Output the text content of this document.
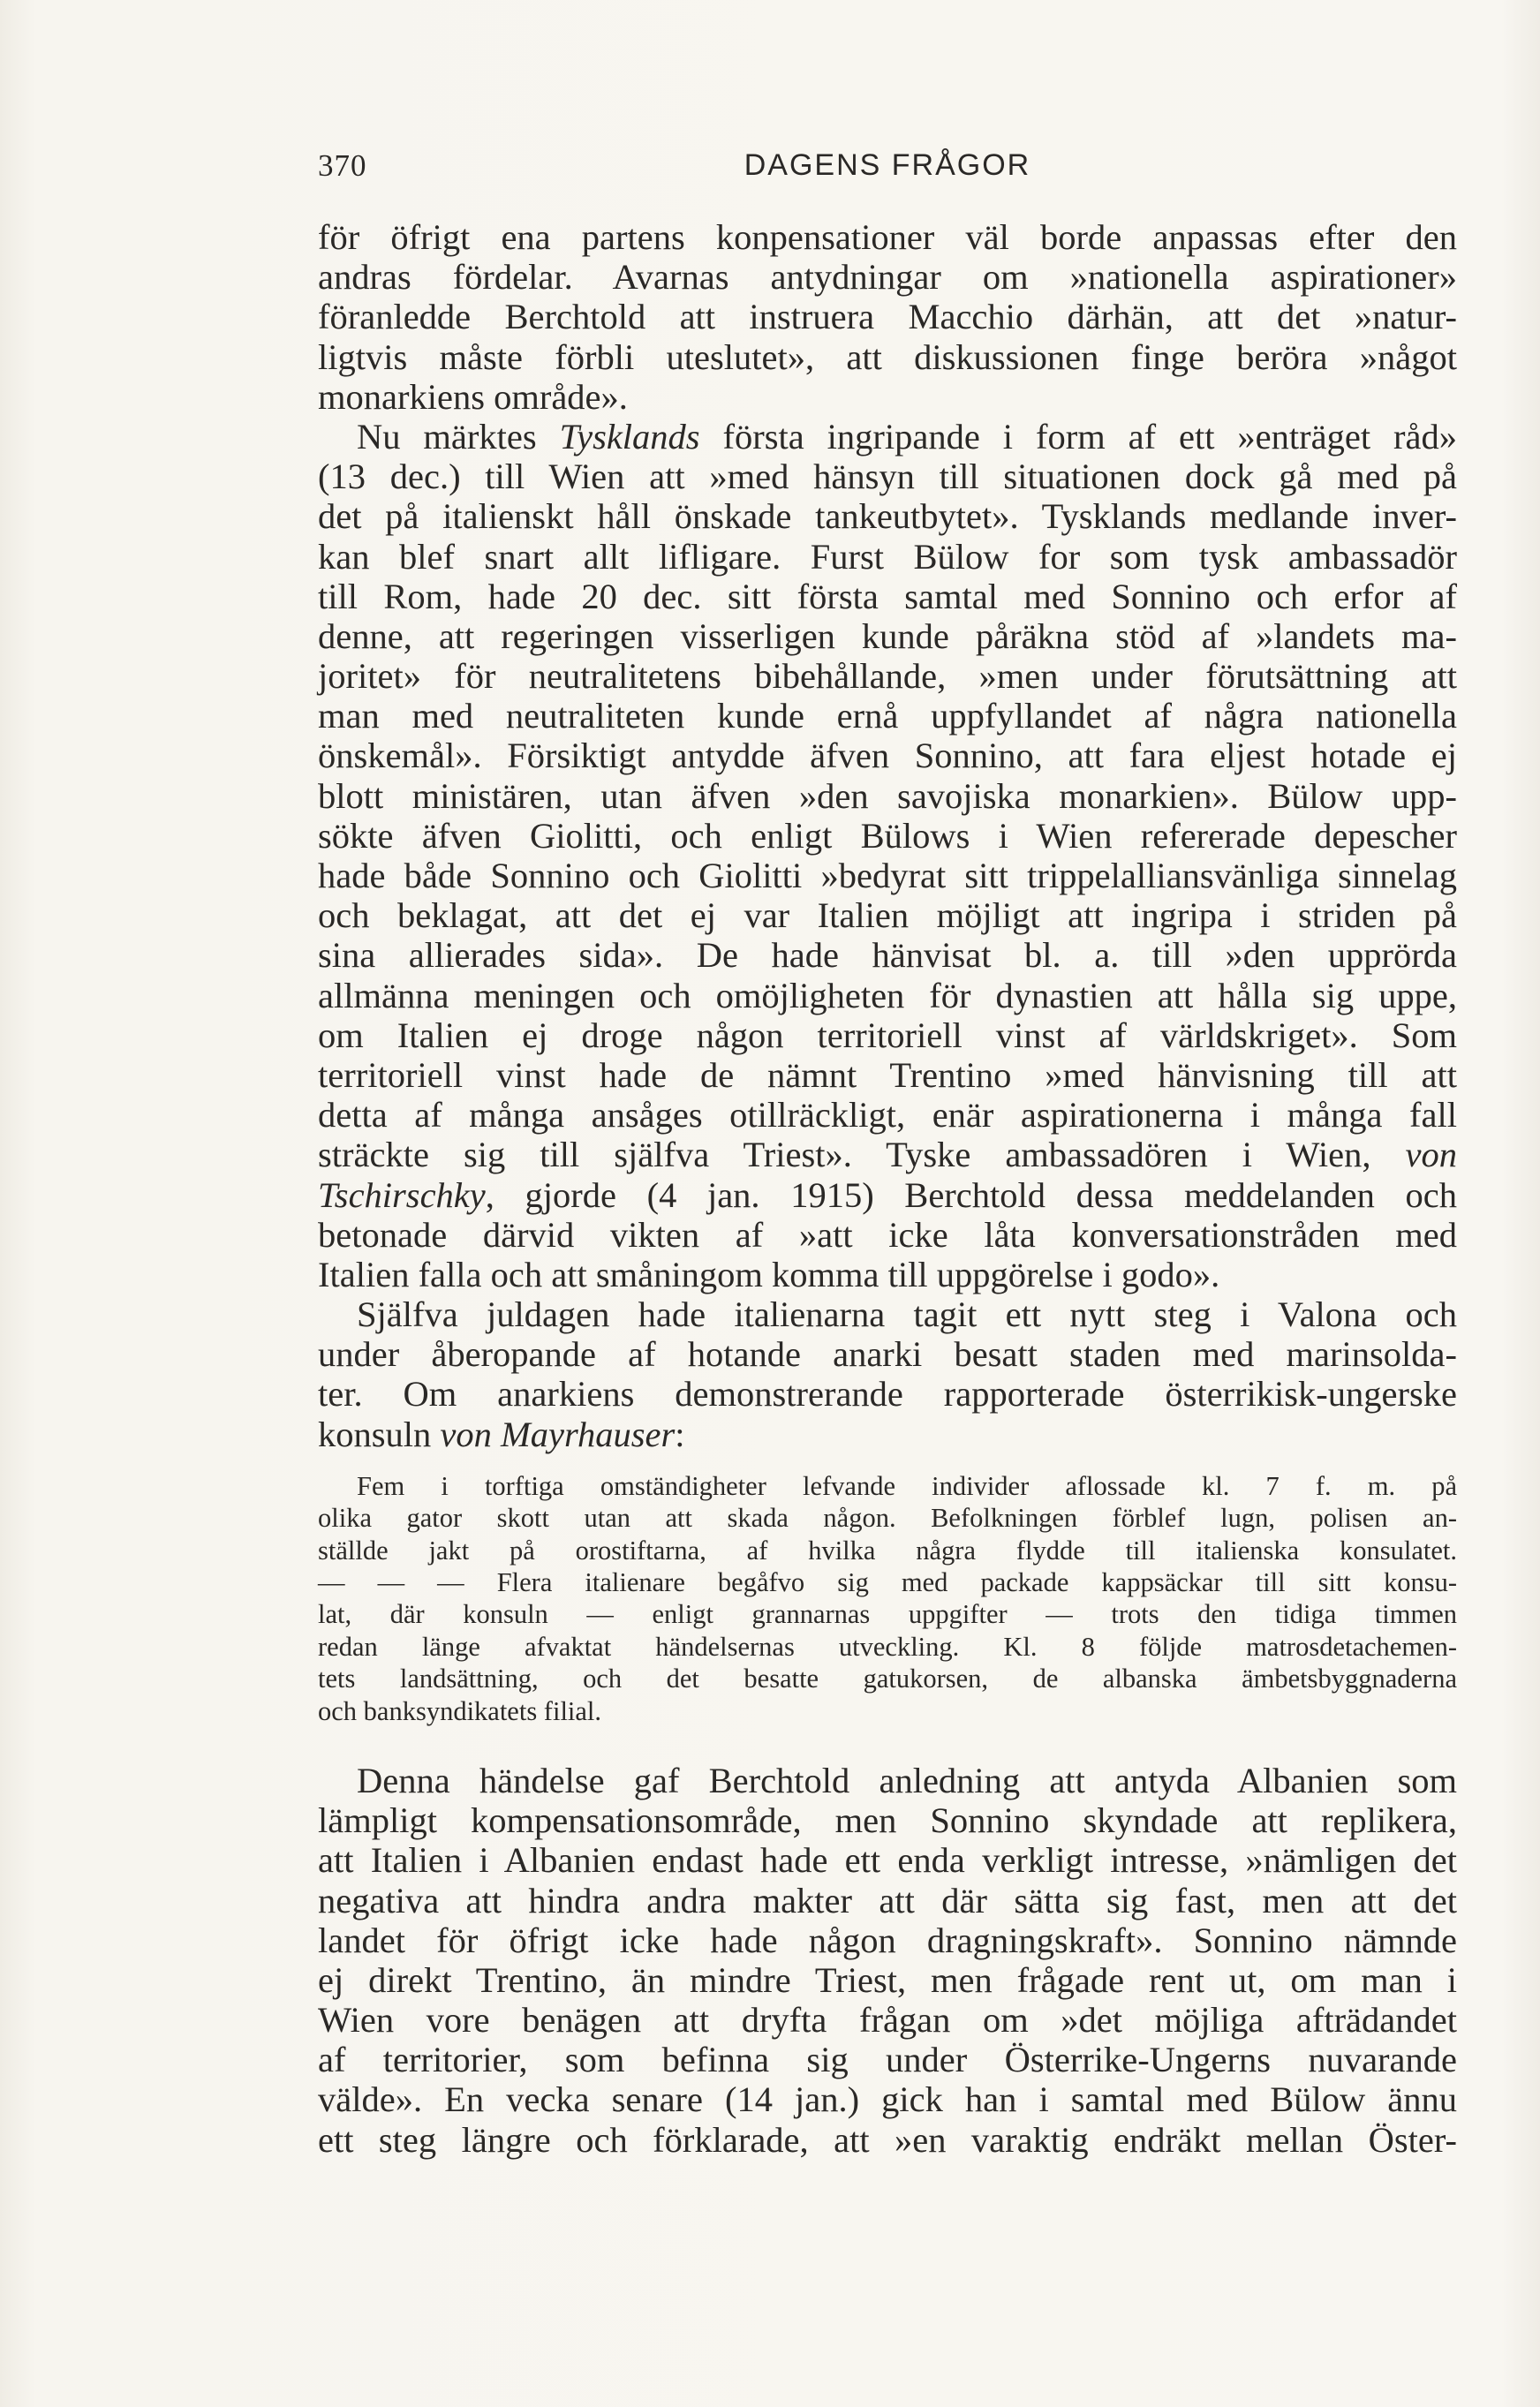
370	DAGENS FRÅGOR

för öfrigt ena partens konpensationer väl borde anpassas efter den
andras fördelar. Avarnas antydningar om »nationella aspirationer»
föranledde Berchtold att instruera Macchio därhän, att det »natur-
ligtvis måste förbli uteslutet», att diskussionen finge beröra »något
monarkiens område».

Nu märktes Tysklands första ingripande i form af ett »enträget råd»
(13 dec.) till Wien att »med hänsyn till situationen dock gå med på
det på italienskt håll önskade tankeutbytet». Tysklands medlande inver-
kan blef snart allt lifligare. Furst Bülow for som tysk ambassadör
till Rom, hade 20 dec. sitt första samtal med Sonnino och erfor af
denne, att regeringen visserligen kunde påräkna stöd af »landets ma-
joritet» för neutralitetens bibehållande, »men under förutsättning att
man med neutraliteten kunde ernå uppfyllandet af några nationella
önskemål». Försiktigt antydde äfven Sonnino, att fara eljest hotade ej
blott ministären, utan äfven »den savojiska monarkien». Bülow upp-
sökte äfven Giolitti, och enligt Bülows i Wien refererade depescher
hade både Sonnino och Giolitti »bedyrat sitt trippelalliansvänliga sinnelag
och beklagat, att det ej var Italien möjligt att ingripa i striden på
sina allierades sida». De hade hänvisat bl. a. till »den upprörda
allmänna meningen och omöjligheten för dynastien att hålla sig uppe,
om Italien ej droge någon territoriell vinst af världskriget». Som
territoriell vinst hade de nämnt Trentino »med hänvisning till att
detta af många ansåges otillräckligt, enär aspirationerna i många fall
sträckte sig till själfva Triest». Tyske ambassadören i Wien, von
Tschirschky, gjorde (4 jan. 1915) Berchtold dessa meddelanden och
betonade därvid vikten af »att icke låta konversationstråden med
Italien falla och att småningom komma till uppgörelse i godo».

Själfva juldagen hade italienarna tagit ett nytt steg i Valona och
under åberopande af hotande anarki besatt staden med marinsolda-
ter. Om anarkiens demonstrerande rapporterade österrikisk-ungerske
konsuln von Mayrhauser:

Fem i torftiga omständigheter lefvande individer aflossade kl. 7 f. m. på
olika gator skott utan att skada någon. Befolkningen förblef lugn, polisen an-
ställde jakt på orostiftarna, af hvilka några flydde till italienska konsulatet.
— — — Flera italienare begåfvo sig med packade kappsäckar till sitt konsu-
lat, där konsuln — enligt grannarnas uppgifter — trots den tidiga timmen
redan länge afvaktat händelsernas utveckling. Kl. 8 följde matrosdetachemen-
tets landsättning, och det besatte gatukorsen, de albanska ämbetsbyggnaderna
och banksyndikatets filial.

Denna händelse gaf Berchtold anledning att antyda Albanien som
lämpligt kompensationsområde, men Sonnino skyndade att replikera,
att Italien i Albanien endast hade ett enda verkligt intresse, »nämligen det
negativa att hindra andra makter att där sätta sig fast, men att det
landet för öfrigt icke hade någon dragningskraft». Sonnino nämnde
ej direkt Trentino, än mindre Triest, men frågade rent ut, om man i
Wien vore benägen att dryfta frågan om »det möjliga afträdandet
af territorier, som befinna sig under Österrike-Ungerns nuvarande
välde». En vecka senare (14 jan.) gick han i samtal med Bülow ännu
ett steg längre och förklarade, att »en varaktig endräkt mellan Öster-
